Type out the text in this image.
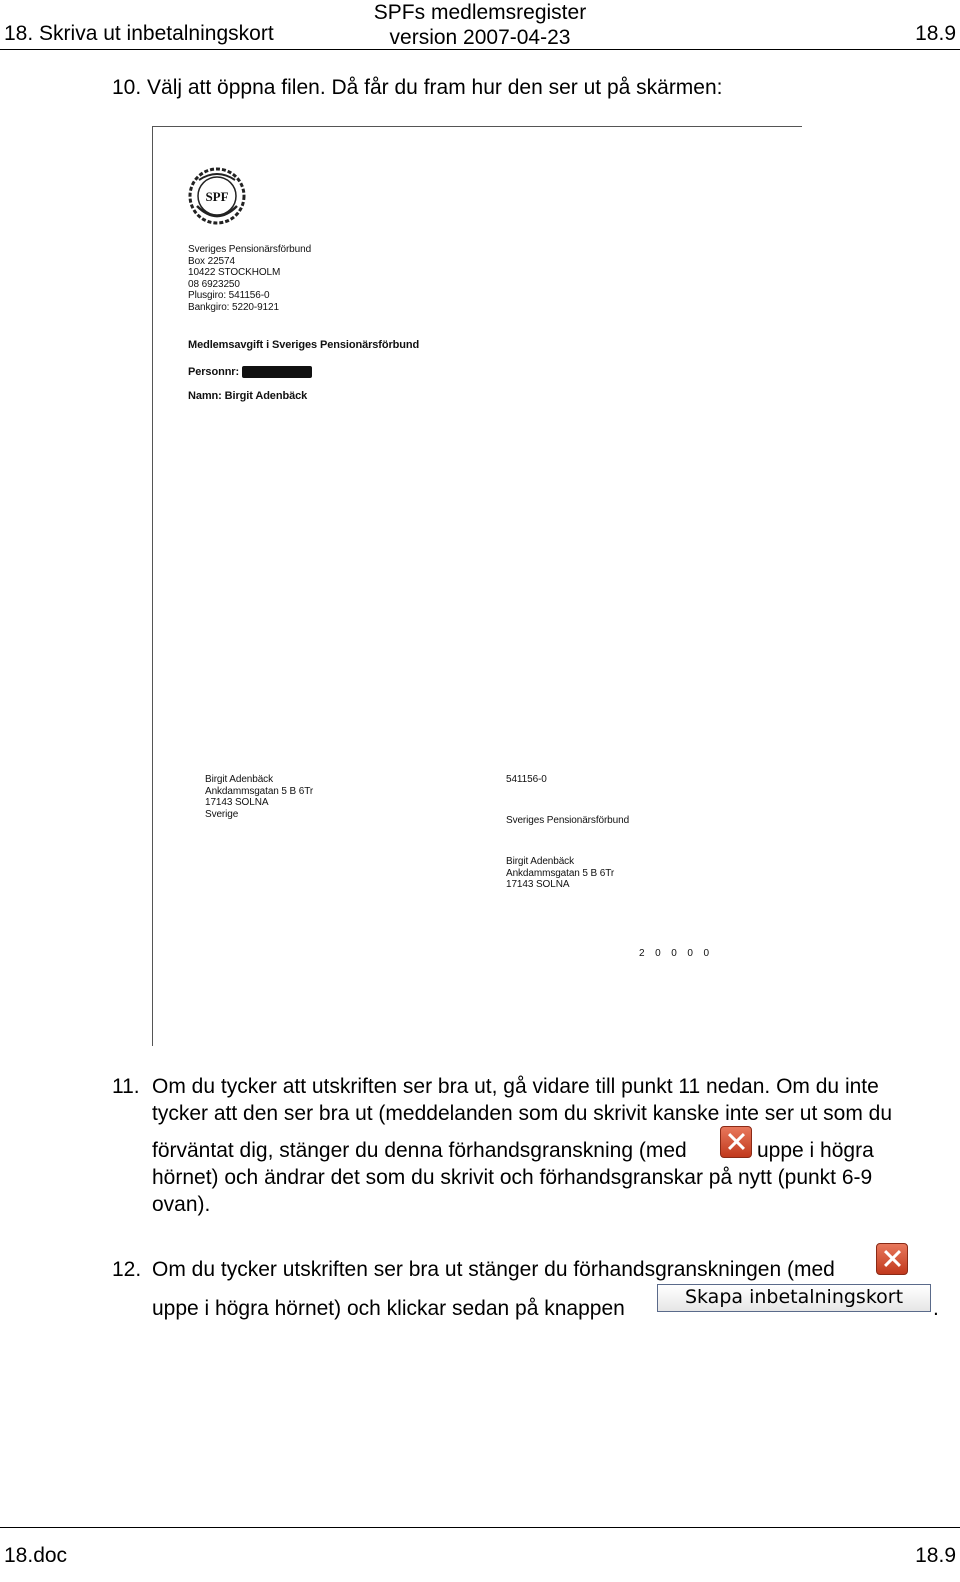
18. Skriva ut inbetalningskort
SPFs medlemsregister
version 2007-04-23	18.9
10. Välj att öppna filen. Då får du fram hur den ser ut på skärmen:
SPF
Sveriges Pensionärsförbund
Box 22574
10422 STOCKHOLM
08 6923250
Plusgiro: 541156-0
Bankgiro: 5220-9121
Medlemsavgift i Sveriges Pensionärsförbund
Personnr:
Namn: Birgit Adenbäck
Birgit Adenbäck
Ankdammsgatan 5 B 6Tr
17143 SOLNA
Sverige
541156-0
Sveriges Pensionärsförbund
Birgit Adenbäck
Ankdammsgatan 5 B 6Tr
17143 SOLNA
2 0 0 0 0
11. Om du tycker att utskriften ser bra ut, gå vidare till punkt 11 nedan. Om du inte
tycker att den ser bra ut (meddelanden som du skrivit kanske inte ser ut som du
förväntat dig, stänger du denna förhandsgranskning (med	uppe i högra
hörnet) och ändrar det som du skrivit och förhandsgranskar på nytt (punkt 6-9
ovan).
12. Om du tycker utskriften ser bra ut stänger du förhandsgranskningen (med
uppe i högra hörnet) och klickar sedan på knappen	Skapa inbetalningskort	.
18.doc	18.9
